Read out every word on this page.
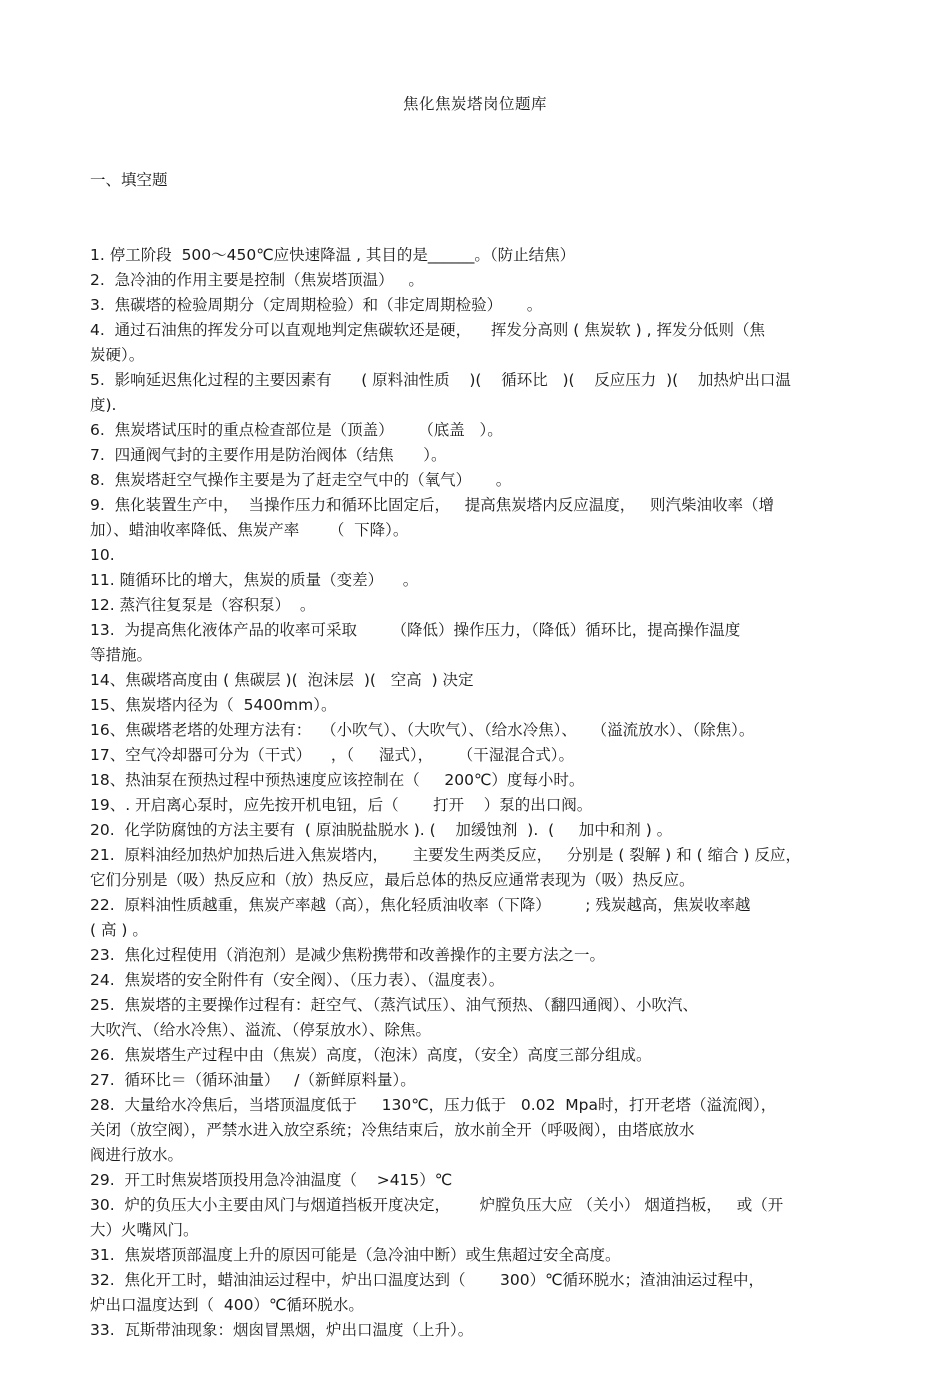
焦化焦炭塔岗位题库

一、填空题

1. 停工阶段  500～450℃应快速降温 , 其目的是______。（防止结焦）
2.  急冷油的作用主要是控制（焦炭塔顶温）   。
3.  焦碳塔的检验周期分（定周期检验）和（非定周期检验）     。
4.  通过石油焦的挥发分可以直观地判定焦碳软还是硬，    挥发分高则 ( 焦炭软 ) , 挥发分低则（焦
炭硬）。
5.  影响延迟焦化过程的主要因素有      ( 原料油性质    )(    循环比   )(    反应压力  )(    加热炉出口温
度).
6.  焦炭塔试压时的重点检查部位是（顶盖）     （底盖   ）。
7.  四通阀气封的主要作用是防治阀体（结焦      ）。
8.  焦炭塔赶空气操作主要是为了赶走空气中的（氧气）     。
9.  焦化装置生产中，  当操作压力和循环比固定后，   提高焦炭塔内反应温度，   则汽柴油收率（增
加）、蜡油收率降低、焦炭产率      （  下降）。
10.
11. 随循环比的增大，焦炭的质量（变差）    。
12. 蒸汽往复泵是（容积泵）  。
13.  为提高焦化液体产品的收率可采取       （降低）操作压力，（降低）循环比，提高操作温度
等措施。
14、焦碳塔高度由 ( 焦碳层 )(  泡沫层  )(   空高  ) 决定
15、焦炭塔内径为（  5400mm）。
16、焦碳塔老塔的处理方法有：  （小吹气）、（大吹气）、（给水冷焦）、   （溢流放水）、（除焦）。
17、空气冷却器可分为（干式）    ，（     湿式），     （干湿混合式）。
18、热油泵在预热过程中预热速度应该控制在（     200℃）度每小时。
19、. 开启离心泵时，应先按开机电钮，后（       打开    ）泵的出口阀。
20.  化学防腐蚀的方法主要有  ( 原油脱盐脱水 ). (    加缓蚀剂  ).  (     加中和剂 ) 。
21.  原料油经加热炉加热后进入焦炭塔内，     主要发生两类反应，   分别是 ( 裂解 ) 和 ( 缩合 ) 反应，
它们分别是（吸）热反应和（放）热反应，最后总体的热反应通常表现为（吸）热反应。
22.  原料油性质越重，焦炭产率越（高），焦化轻质油收率（下降）       ; 残炭越高，焦炭收率越
( 高 ) 。
23.  焦化过程使用（消泡剂）是减少焦粉携带和改善操作的主要方法之一。
24.  焦炭塔的安全附件有（安全阀）、（压力表）、（温度表）。
25.  焦炭塔的主要操作过程有：赶空气、（蒸汽试压）、油气预热、（翻四通阀）、小吹汽、
大吹汽、（给水冷焦）、溢流、（停泵放水）、除焦。
26.  焦炭塔生产过程中由（焦炭）高度，（泡沫）高度，（安全）高度三部分组成。
27.  循环比＝（循环油量）   /（新鲜原料量）。
28.  大量给水冷焦后，当塔顶温度低于     130℃，压力低于   0.02  Mpa时，打开老塔（溢流阀），
关闭（放空阀），严禁水进入放空系统；冷焦结束后，放水前全开（呼吸阀），由塔底放水
阀进行放水。
29.  开工时焦炭塔顶投用急冷油温度（    >415）℃
30.  炉的负压大小主要由风门与烟道挡板开度决定，      炉膛负压大应 （关小） 烟道挡板，   或（开
大）火嘴风门。
31.  焦炭塔顶部温度上升的原因可能是（急冷油中断）或生焦超过安全高度。
32.  焦化开工时，蜡油油运过程中，炉出口温度达到（       300）℃循环脱水；渣油油运过程中，
炉出口温度达到（  400）℃循环脱水。
33.  瓦斯带油现象：烟囱冒黑烟，炉出口温度（上升）。
